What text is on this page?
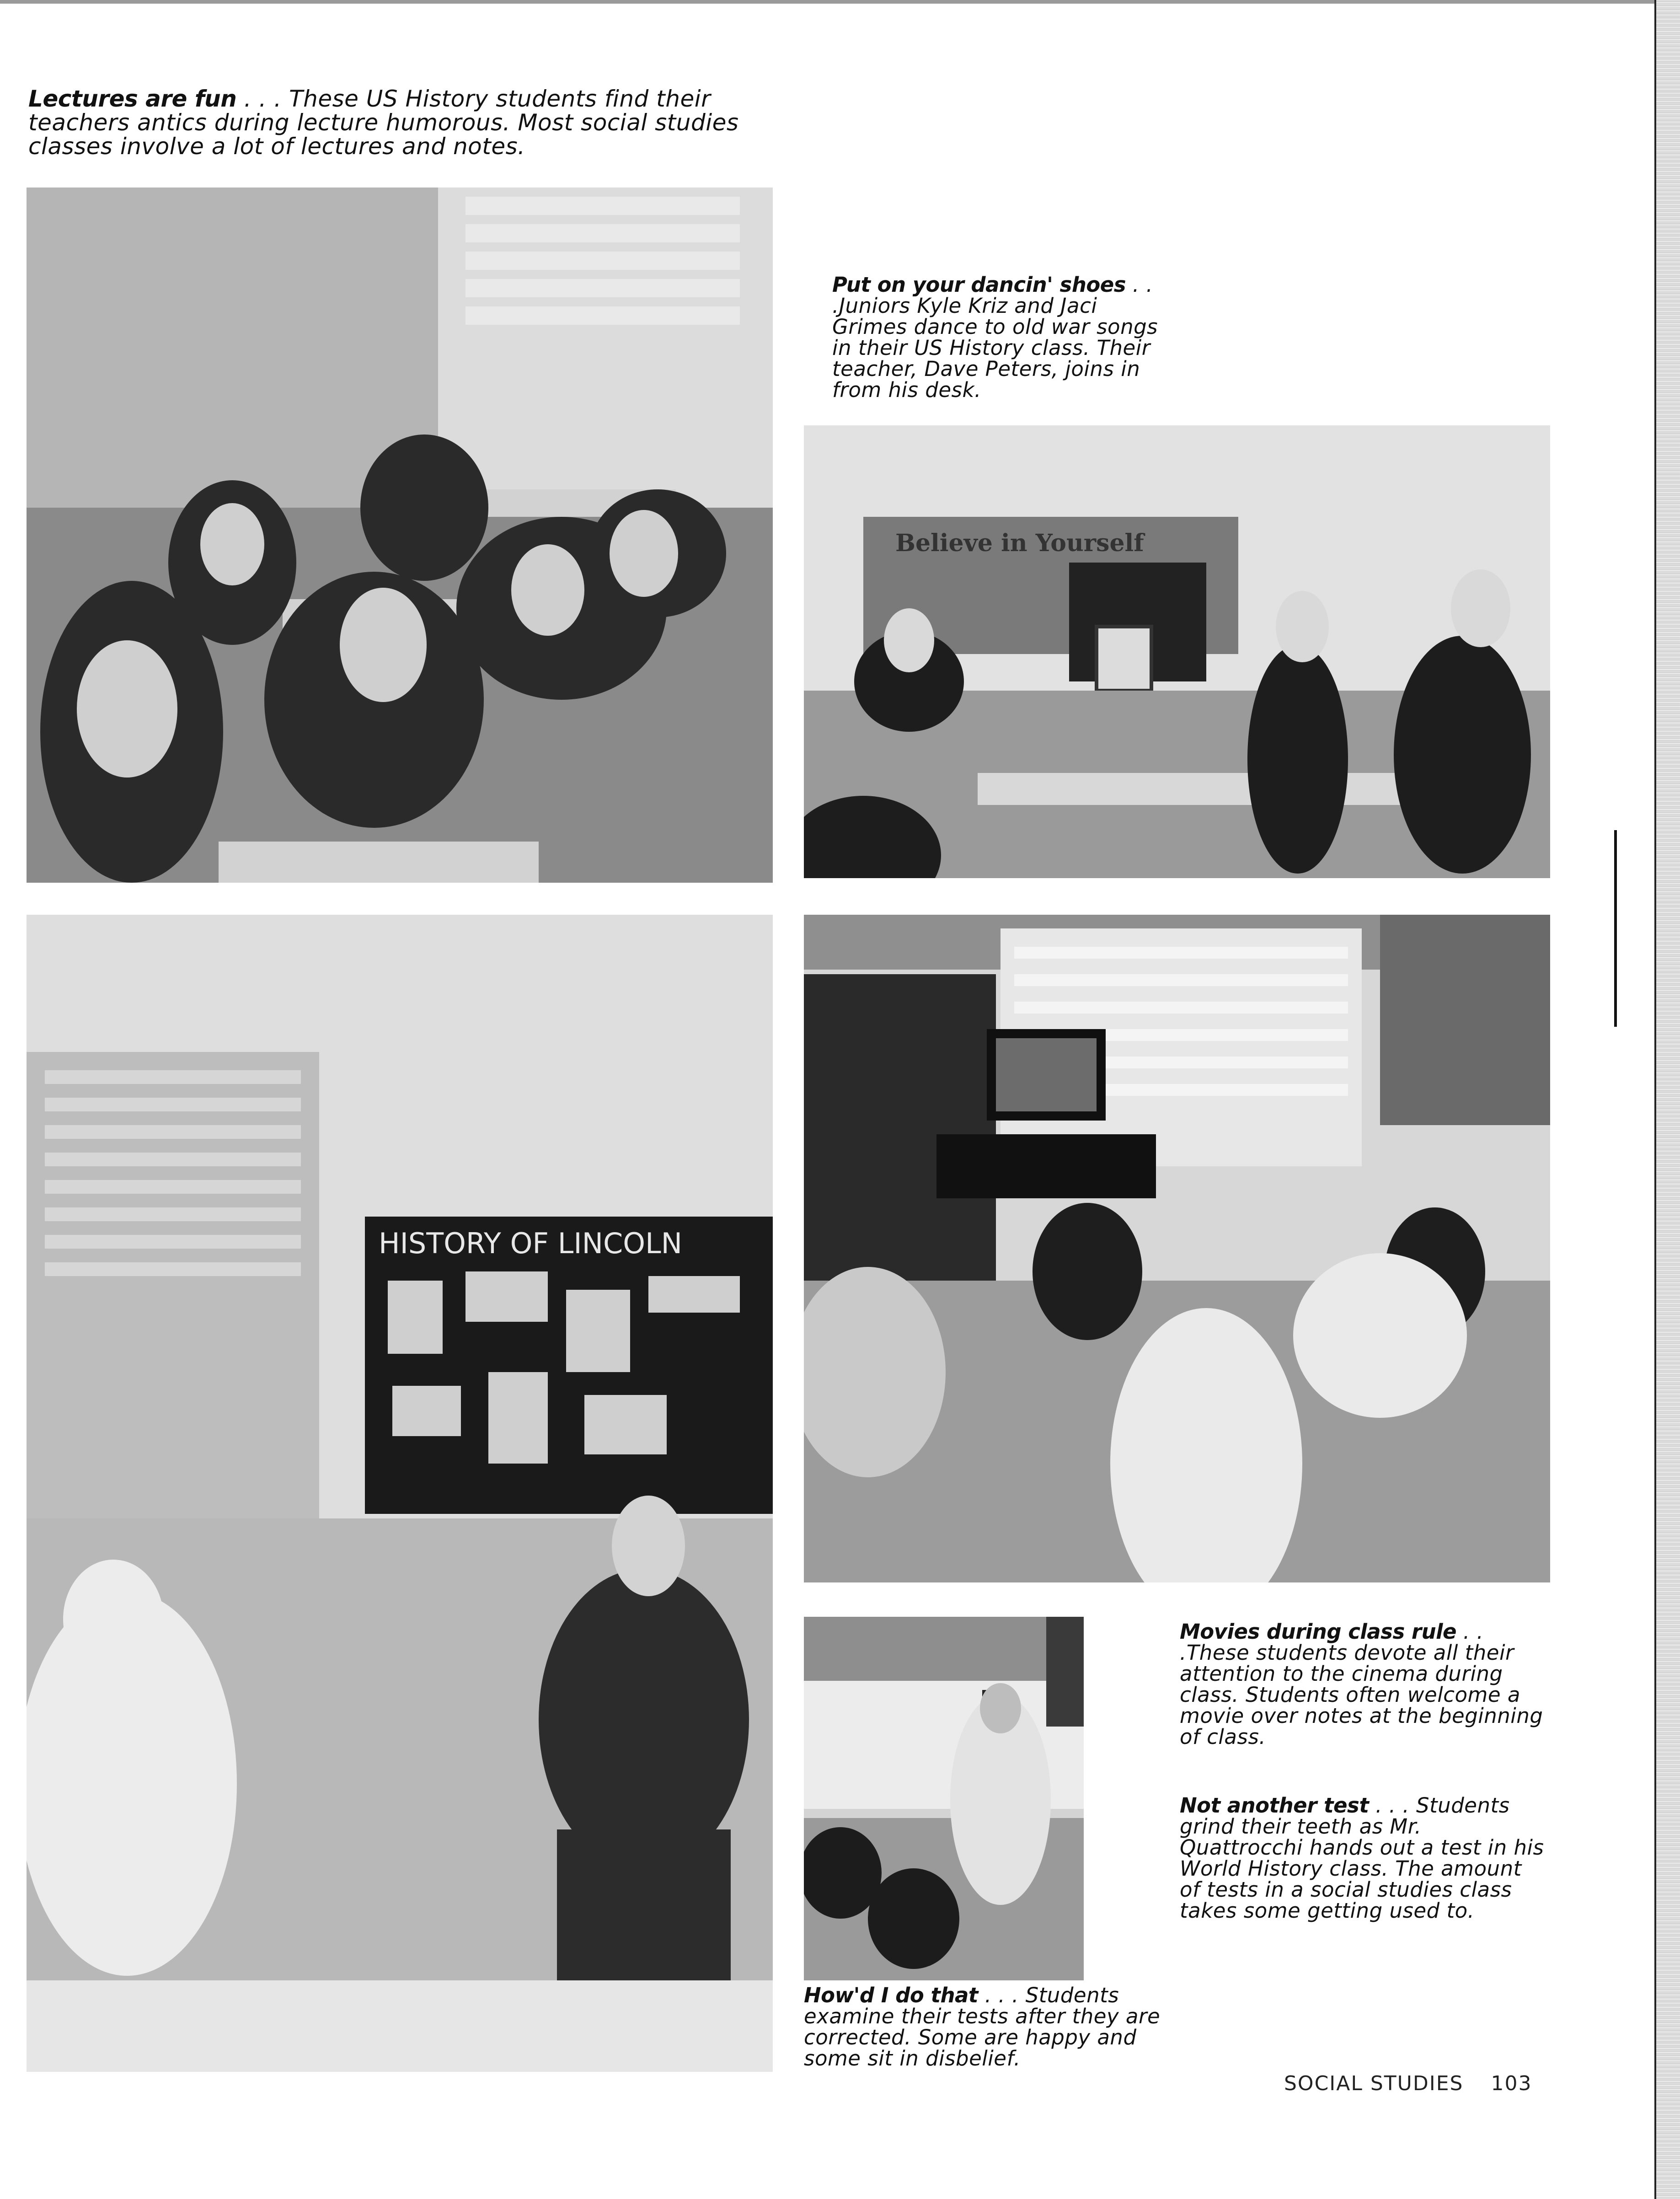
Lectures are fun . . . These US History students find their teachers antics during lecture humorous. Most social studies classes involve a lot of lectures and notes.
Put on your dancin' shoes . . .Juniors Kyle Kriz and Jaci Grimes dance to old war songs in their US History class. Their teacher, Dave Peters, joins in from his desk.
Believe in Yourself
HISTORY OF LINCOLN
Movies during class rule . . .These students devote all their attention to the cinema during class. Students often welcome a movie over notes at the beginning of class.
Not another test . . . Students grind their teeth as Mr. Quattrocchi hands out a test in his World History class. The amount of tests in a social studies class takes some getting used to.
How'd I do that . . . Students examine their tests after they are corrected. Some are happy and some sit in disbelief.
SOCIAL STUDIES 103
